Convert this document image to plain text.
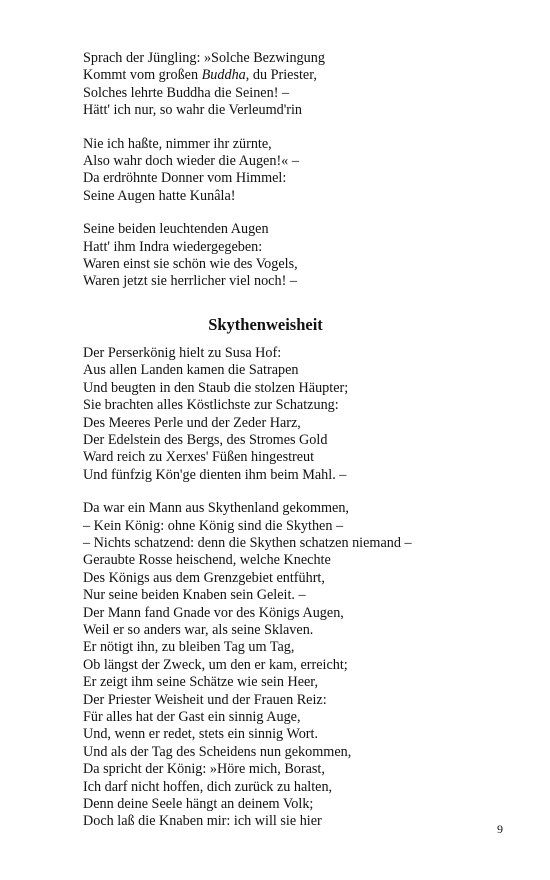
Sprach der Jüngling: »Solche Bezwingung
Kommt vom großen Buddha, du Priester,
Solches lehrte Buddha die Seinen! –
Hätt' ich nur, so wahr die Verleumd'rin
Nie ich haßte, nimmer ihr zürnte,
Also wahr doch wieder die Augen!« –
Da erdröhnte Donner vom Himmel:
Seine Augen hatte Kunâla!
Seine beiden leuchtenden Augen
Hatt' ihm Indra wiedergegeben:
Waren einst sie schön wie des Vogels,
Waren jetzt sie herrlicher viel noch! –
Skythenweisheit
Der Perserkönig hielt zu Susa Hof:
Aus allen Landen kamen die Satrapen
Und beugten in den Staub die stolzen Häupter;
Sie brachten alles Köstlichste zur Schatzung:
Des Meeres Perle und der Zeder Harz,
Der Edelstein des Bergs, des Stromes Gold
Ward reich zu Xerxes' Füßen hingestreut
Und fünfzig Kön'ge dienten ihm beim Mahl. –
Da war ein Mann aus Skythenland gekommen,
– Kein König: ohne König sind die Skythen –
– Nichts schatzend: denn die Skythen schatzen niemand –
Geraubte Rosse heischend, welche Knechte
Des Königs aus dem Grenzgebiet entführt,
Nur seine beiden Knaben sein Geleit. –
Der Mann fand Gnade vor des Königs Augen,
Weil er so anders war, als seine Sklaven.
Er nötigt ihn, zu bleiben Tag um Tag,
Ob längst der Zweck, um den er kam, erreicht;
Er zeigt ihm seine Schätze wie sein Heer,
Der Priester Weisheit und der Frauen Reiz:
Für alles hat der Gast ein sinnig Auge,
Und, wenn er redet, stets ein sinnig Wort.
Und als der Tag des Scheidens nun gekommen,
Da spricht der König: »Höre mich, Borast,
Ich darf nicht hoffen, dich zurück zu halten,
Denn deine Seele hängt an deinem Volk;
Doch laß die Knaben mir: ich will sie hier	9
